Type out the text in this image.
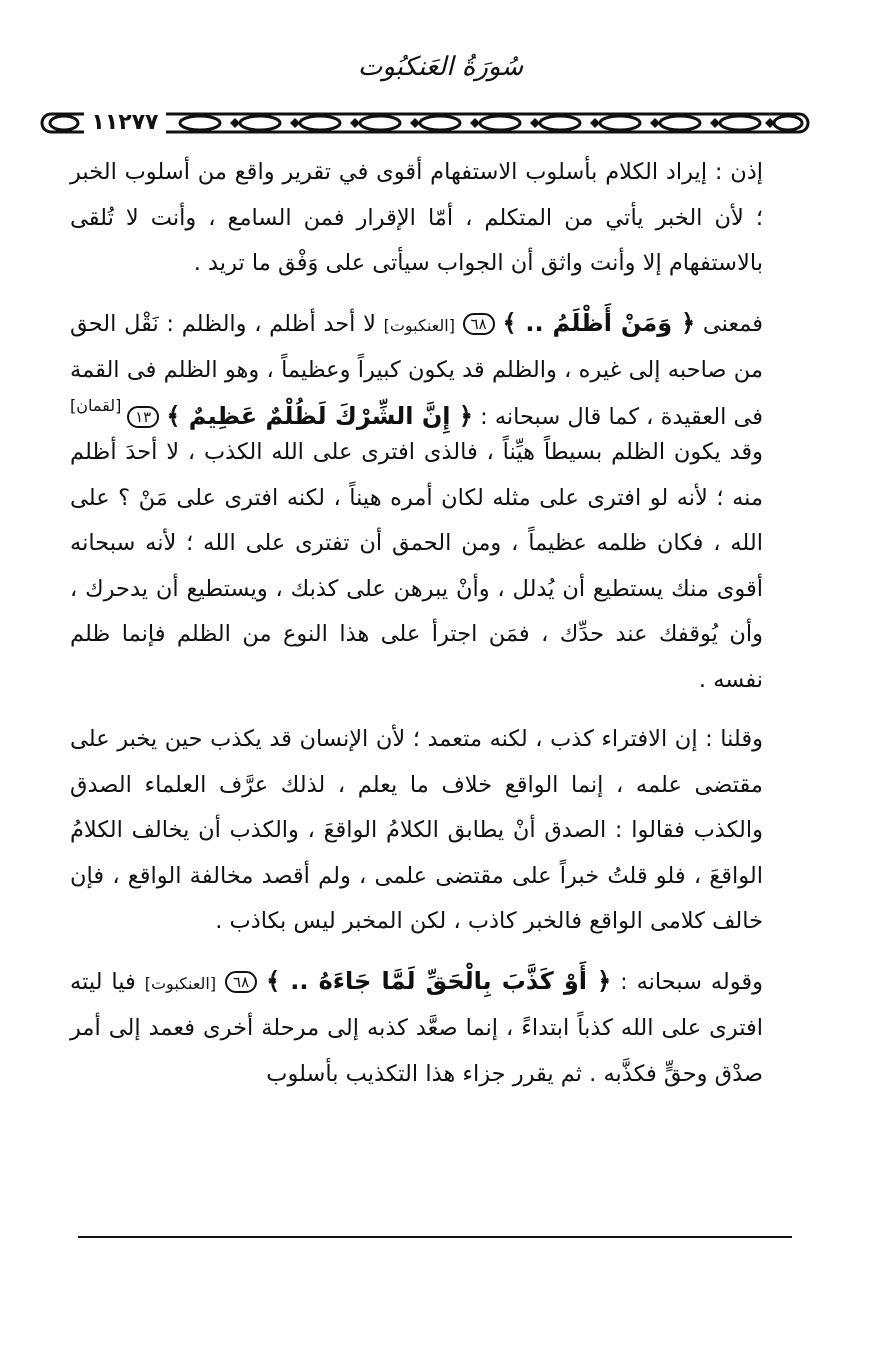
سُورَةُ العَنكبُوت
١١٢٧٧

إذن : إيراد الكلام بأسلوب الاستفهام أقوى في تقرير واقع من أسلوب الخبر ؛ لأن الخبر يأتي من المتكلم ، أمّا الإقرار فمن السامع ، وأنت لا تُلقى بالاستفهام إلا وأنت واثق أن الجواب سيأتى على وَفْق ما تريد .

فمعنى ﴿ وَمَنْ أَظْلَمُ .. ﴾ ٦٨ [العنكبوت] لا أحد أظلم ، والظلم : نَقْل الحق من صاحبه إلى غيره ، والظلم قد يكون كبيراً وعظيماً ، وهو الظلم فى القمة فى العقيدة ، كما قال سبحانه : ﴿ إِنَّ الشِّرْكَ لَظُلْمٌ عَظِيمٌ ﴾ ١٣
[لقمان]

وقد يكون الظلم بسيطاً هيِّناً ، فالذى افترى على الله الكذب ، لا أحدَ أظلم منه ؛ لأنه لو افترى على مثله لكان أمره هيناً ، لكنه افترى على مَنْ ؟ على الله ، فكان ظلمه عظيماً ، ومن الحمق أن تفترى على الله ؛ لأنه سبحانه أقوى منك يستطيع أن يُدلل ، وأنْ يبرهن على كذبك ، ويستطيع أن يدحرك ، وأن يُوقفك عند حدِّك ، فمَن اجترأ على هذا النوع من الظلم فإنما ظلم نفسه .

وقلنا : إن الافتراء كذب ، لكنه متعمد ؛ لأن الإنسان قد يكذب حين يخبر على مقتضى علمه ، إنما الواقع خلاف ما يعلم ، لذلك عرَّف العلماء الصدق والكذب فقالوا : الصدق أنْ يطابق الكلامُ الواقعَ ، والكذب أن يخالف الكلامُ الواقعَ ، فلو قلتُ خبراً على مقتضى علمى ، ولم أقصد مخالفة الواقع ، فإن خالف كلامى الواقع فالخبر كاذب ، لكن المخبر ليس بكاذب .

وقوله سبحانه : ﴿ أَوْ كَذَّبَ بِالْحَقِّ لَمَّا جَاءَهُ .. ﴾ ٦٨ [العنكبوت] فيا ليته افترى على الله كذباً ابتداءً ، إنما صعَّد كذبه إلى مرحلة أخرى فعمد إلى أمر صدْق وحقٍّ فكذَّبه . ثم يقرر جزاء هذا التكذيب بأسلوب
